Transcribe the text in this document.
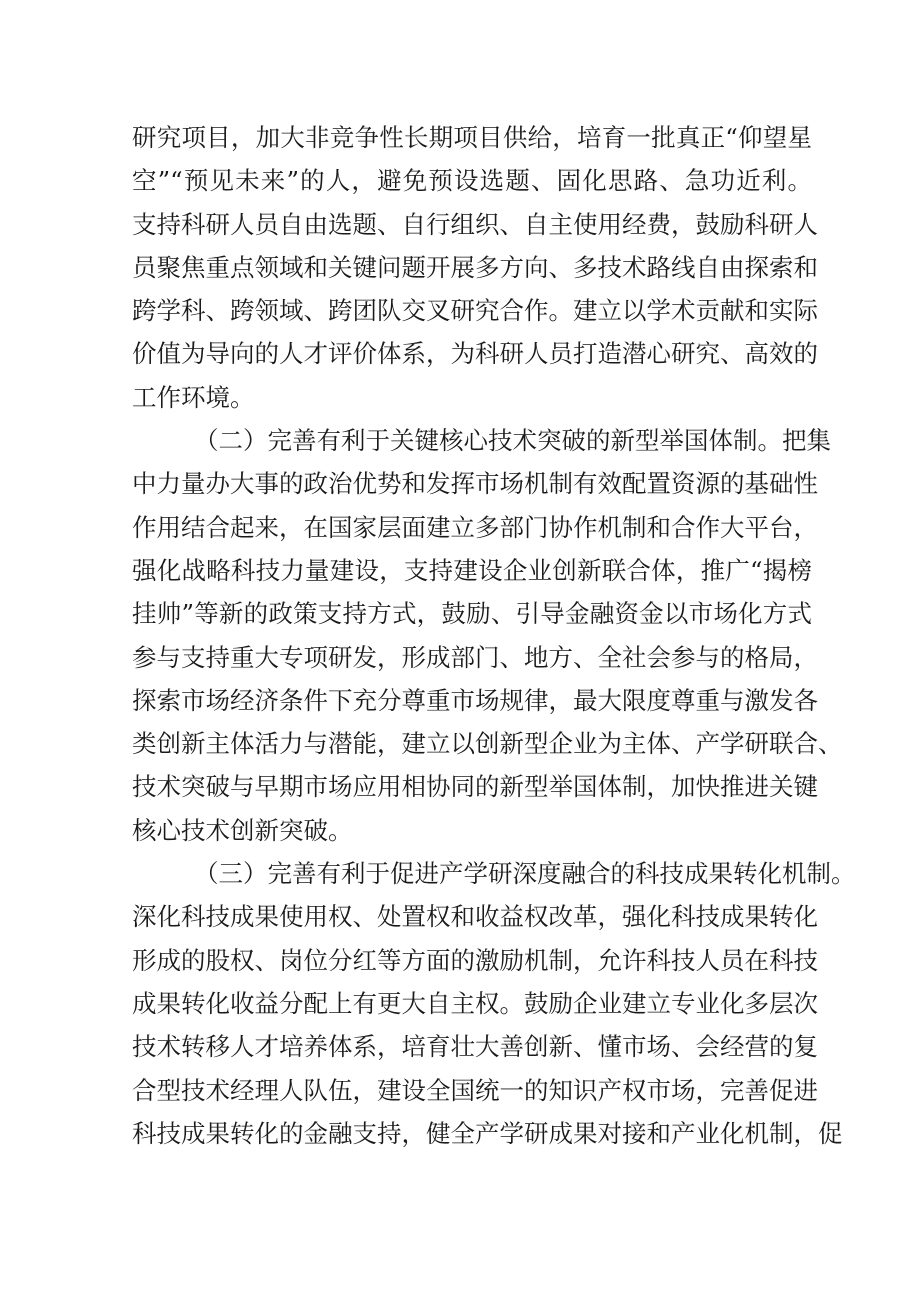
研究项目，加大非竞争性长期项目供给，培育一批真正“仰望星
空”“预见未来”的人，避免预设选题、固化思路、急功近利。
支持科研人员自由选题、自行组织、自主使用经费，鼓励科研人
员聚焦重点领域和关键问题开展多方向、多技术路线自由探索和
跨学科、跨领域、跨团队交叉研究合作。建立以学术贡献和实际
价值为导向的人才评价体系，为科研人员打造潜心研究、高效的
工作环境。
（二）完善有利于关键核心技术突破的新型举国体制。把集
中力量办大事的政治优势和发挥市场机制有效配置资源的基础性
作用结合起来，在国家层面建立多部门协作机制和合作大平台，
强化战略科技力量建设，支持建设企业创新联合体，推广“揭榜
挂帅”等新的政策支持方式，鼓励、引导金融资金以市场化方式
参与支持重大专项研发，形成部门、地方、全社会参与的格局，
探索市场经济条件下充分尊重市场规律，最大限度尊重与激发各
类创新主体活力与潜能，建立以创新型企业为主体、产学研联合、
技术突破与早期市场应用相协同的新型举国体制，加快推进关键
核心技术创新突破。
（三）完善有利于促进产学研深度融合的科技成果转化机制。
深化科技成果使用权、处置权和收益权改革，强化科技成果转化
形成的股权、岗位分红等方面的激励机制，允许科技人员在科技
成果转化收益分配上有更大自主权。鼓励企业建立专业化多层次
技术转移人才培养体系，培育壮大善创新、懂市场、会经营的复
合型技术经理人队伍，建设全国统一的知识产权市场，完善促进
科技成果转化的金融支持，健全产学研成果对接和产业化机制，促
